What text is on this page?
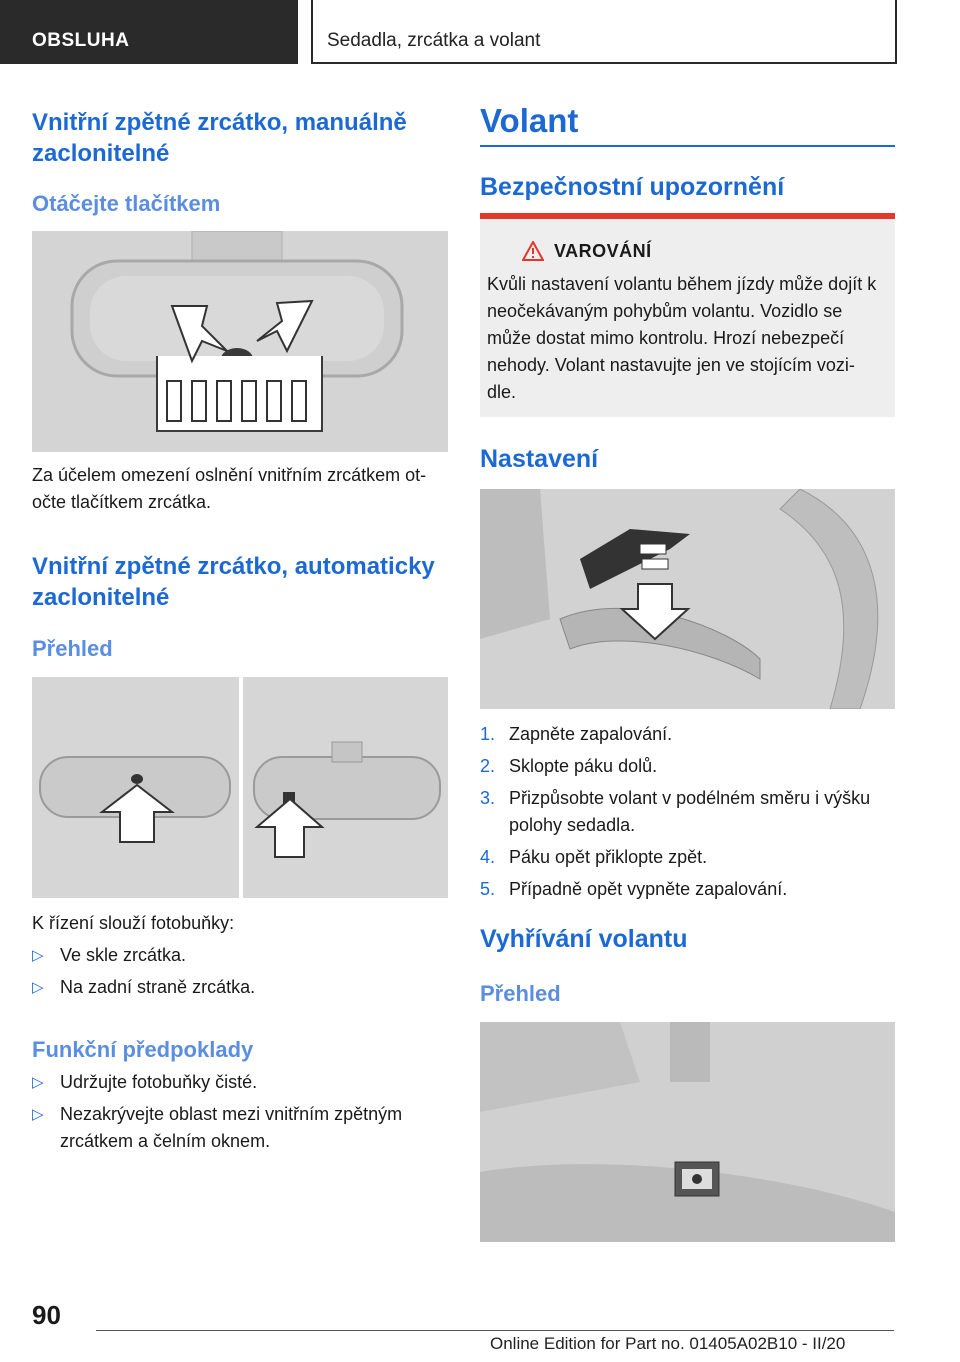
OBSLUHA	Sedadla, zrcátka a volant
Vnitřní zpětné zrcátko, manuálně zaclonitelné
Otáčejte tlačítkem

Za účelem omezení oslnění vnitřním zrcátkem ot-očte tlačítkem zrcátka.

Vnitřní zpětné zrcátko, automaticky zaclonitelné
Přehled

K řízení slouží fotobuňky:

▷ Ve skle zrcátka.
▷ Na zadní straně zrcátka.
Funkční předpoklady
▷ Udržujte fotobuňky čisté.
▷ Nezakrývejte oblast mezi vnitřním zpětným zrcátkem a čelním oknem.
Volant
Bezpečnostní upozornění
VAROVÁNÍ

Kvůli nastavení volantu během jízdy může dojít k neočekávaným pohybům volantu. Vozidlo se může dostat mimo kontrolu. Hrozí nebezpečí nehody. Volant nastavujte jen ve stojícím vozi-dle.

Nastavení
1. Zapněte zapalování.
2. Sklopte páku dolů.
3. Přizpůsobte volant v podélném směru i výšku polohy sedadla.
4. Páku opět přiklopte zpět.
5. Případně opět vypněte zapalování.
Vyhřívání volantu
Přehled
90
Online Edition for Part no. 01405A02B10 - II/20
